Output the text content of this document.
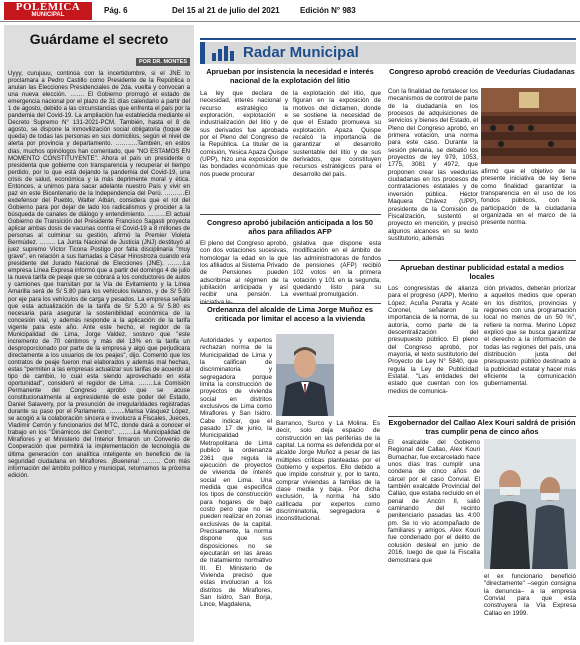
POLÉMICA
MUNICIPAL	Pág. 6	Del 15 al 21 de julio del 2021	Edición N° 983
Guárdame el secreto
POR DR. MONTES

Uyyy, curujuuu, continúa con la incertidumbre, si el JNE lo proclamara a Pedro Castillo como Presidente de la República o anulan las Elecciones Presidenciales de 2da. vuelta y convocan a una nueva elección. ……. El Gobierno prorrogó el estado de emergencia nacional por el plazo de 31 días calendario a partir del 1 de agosto, debido a las circunstancias que enfrenta el país por la pandemia del Covid-19. La ampliación fue establecida mediante el Decreto Supremo N° 131-2021-PCM. También, hasta el 8 de agosto, se dispone la inmovilización social obligatoria (toque de queda) de todas las personas en sus domicilios, según el nivel de alerta por provincia y departamento. ………..También, en estos días, muchos opinólogos han comentado, que "NO ESTAMOS EN MOMENTO CONSTITUYENTE". Ahora el país un presidente o presidenta que gobierne con transparencia y recuperar el tiempo perdido, por lo que está dejando la pandemia del Covid-19, una crisis de salud, económica y la más deprimente moral y ética. Entonces, a unirnos para sacar adelante nuestro País y vivir en paz en este Bicentenario de la Independencia del Perú. ……….El exdefensor del Pueblo, Walter Albán, considera que el rol del Gobierno para por dejar de lado los radicalismos y procider a la búsqueda de canales de diálogo y entendimiento. ………El actual Gobierno de Transición del Presidente Francisco Sagasti proyecta aplicar ambas dosis de vacunas contra el Covid-19 a 8 millones de personas al culminar su gestión, afirmó la Premier Violeta Bermúdez. …….. La Junta Nacional de Justicia (JNJ) destituyó al juez supremo Víctor Ticona Postigo por falta disciplinaria "muy grave", en relación a sus llamadas a César Hinostroza cuando era presidente del Jurado Nacional de Elecciones (JNE). ……..La empresa Línea Expresa informó que a partir del domingo 4 de julio la nueva tarifa de peaje que se cobrará a los conductores de autos y camiones que transitan por la Vía de Evitamiento y la Línea Amarilla será de S/ 5.80 para los vehículos livianos, y de S/ 5.90 por eje para los vehículos de carga y pesados. La empresa señala que esta actualización de la tarifa de S/ 5.20 a S/ 5.80 es necesaria para asegurar la sostenibilidad económica de la concesión vial, y además responde a la aplicación de la tarifa vigente para este año. Ante este hecho, el regidor de la Municipalidad de Lima, Jorge Valdez, sostuvo que "este incremento de 70 céntimos y más del 13% en la tarifa un desproporcionado por parte de la empresa y algo que perjudicara directamente a los usuarios de los peajes", dijo. Comentó que los contratos de peaje fueron mal elaborados y además mal hechas, estas "permiten a las empresas actualizar sus tarifas de acuerdo al tipo de cambio, lo cual esta siendo aprovechado en esta oportunidad", consideró el regidor de Lima. ……..La Comisión Permanente del Congreso aprobó que se acuse constitucionalmente al expresidente de este poder del Estado, Daniel Salaverry, por la presunción de irregularidades registradas durante su paso por el Parlamento. ……..Marisa Vásquez López, se acogió a la colaboración sincera e involucra a Fiscales, Jueces, Vladimir Cerrón y funcionarios del MTC, donde dará a conocer el trabajo en los "Dinámicos del Centro". ……..La Municipalidad de Miraflores y el Ministerio del Interior firmaron un Convenio de Cooperación que permitirá la implementación de tecnología de última generación con analítica inteligente en beneficio de la seguridad ciudadana en Miraflores. ¡Buenena! ……… Con más información del ámbito político y municipal, retornamos la próxima edición.

Radar Municipal
Aprueban por insistencia la necesidad e interés nacional de la explotación del litio
La ley que declara de necesidad, interés nacional y recurso estratégico la exploración, explotación e industrialización del litio y de sus derivados fue aprobada por el Pleno del Congreso de la República. La titular de la comisión, Yesica Apaza Quispe (UPP), hizo una exposición de las bondades económicas que nos puede procurar
la explotación del litio, que figuran en la exposición de motivos del dictamen, donde se sostiene la necesidad de que el Estado promueva su explotación. Apaza Quispe recalcó la importancia de garantizar el desarrollo sustentable del litio y de sus derivados, que constituyen recursos estratégicos para el desarrollo del país.
Congreso aprobó jubilación anticipada a los 50 años para afiliados AFP
El pleno del Congreso aprobó, con dos votaciones sucesivas, homologar la edad en la que los afiliados al Sistema Privado de Pensiones pueden adscribirse al régimen de la jubilación anticipada y así recibir una pensión. La
gislativa que dispone esta modificación en el ámbito de las administradoras de fondos de pensiones (AFP) recibió 102 votos en la primera votación y 101 en la segunda, quedando listo para su eventual promulgación.
Ordenanza del alcalde de Lima Jorge Muñoz es criticada por limitar el acceso a la vivienda
Autoridades y expertos rechazan norma de la Municipalidad de Lima y la califican de discriminatoria y segregadora porque limita la construcción de proyectos de vivienda social en distritos exclusivos de Lima como Miraflores y San Isidro. Cabe indicar, que el pasado 17 de junio, la Municipalidad Metropolitana de Lima publicó la ordenanza 2361 que regula la ejecución de proyectos de vivienda de interés social en Lima. Una medida que especifica los tipos de construcción para hogares de bajo costo pero que no se pueden realizar en zonas exclusivas de la capital. Precisamente, la norma dispone que sus disposiciones no se ejecutarán en las áreas de tratamiento normativo III. El Ministerio de Vivienda precisó que estas involucran a los distritos de Miraflores, San Isidro, San Borja, Lince, Magdalena,
Barranco, Surco y La Molina. Es decir, solo deja espacio de construcción en las periferias de la capital. La norma es defendida por el alcalde Jorge Muñoz a pesar de las múltiples críticas planteadas por el Gobierno y expertos. Ello debido a que impide construir y, por lo tanto, comprar viviendas a familias de la clase media y baja. Por dicha exclusión, la norma ha sido calificada por expertos como discriminatoria, segregadora e inconstitucional.
Congreso aprobó creación de Veedurías Ciudadanas
Con la finalidad de fortalecer los mecanismos de control de parte de la ciudadanía en los procesos de adquisiciones de servicios y bienes del Estado, el Pleno del Congreso aprobó, en primera votación, una norma para este caso. Durante la sesión plenaria, se debatió los proyectos de ley 979, 1053, 1775, 3081 y 4972, que proponen crear las veedurías ciudadanas en los procesos de contrataciones estatales y de inversión pública. Héctor Maquera Chávez (UPP), presidente de la Comisión de Fiscalización, sustentó el proyecto en mención, y precisó algunos alcances en su texto sustitutorio, además
afirmó que el objetivo de la presente iniciativa de ley tiene como finalidad garantizar la transparencia en el uso de los fondos públicos, con la participación de la ciudadanía organizada en el marco de la presente norma.
Aprueban destinar publicidad estatal a medios locales
Los congresistas de alianza para el progreso (APP), Merino López, Acuña Peralta y Acate Coronel, señalaron la importancia de la norma, de su autoría, como parte de la descentralización del presupuesto público. El pleno del Congreso aprobó, por mayoría, el texto sustitutorio del Proyecto de Ley N° 5840, que regula la Ley de Publicidad Estatal. "Las entidades del estado que cuentan con los medios de comunica-
ción privados, deberán priorizar a aquellos medios que operan en los distritos, provincias y regiones con una programación local no menos de un 50 %", refiere la norma. Merino López explicó que se busca garantizar el derecho a la información de todas las regiones del país, una distribución justa del presupuesto público destinado a la publicidad estatal y hacer más eficiente la comunicación gubernamental.
Exgobernador del Callao Alex Kouri saldrá de prisión tras cumplir pena de cinco años
El exalcalde del Gobierno Regional del Callao, Alex Kouri Bumachar, fue excarcelado hace unos días tras cumplir una condena de cinco años de cárcel por el caso Convial. El también exalcalde Provincial del Callao, que estaba recluido en el penal de Ancón II, salió caminando del recinto penitenciario pasadas las 4:00 pm. Se lo vio acompañado de familiares y amigos. Alex Kouri fue condenado por el delito de colusión desleal en junio de 2016, luego de que la Fiscalía demostrara que
el ex funcionario benefició "directamente" –según consigna la denuncia– a la empresa Convial para que esta construyera la Vía Expresa Callao en 1999.
